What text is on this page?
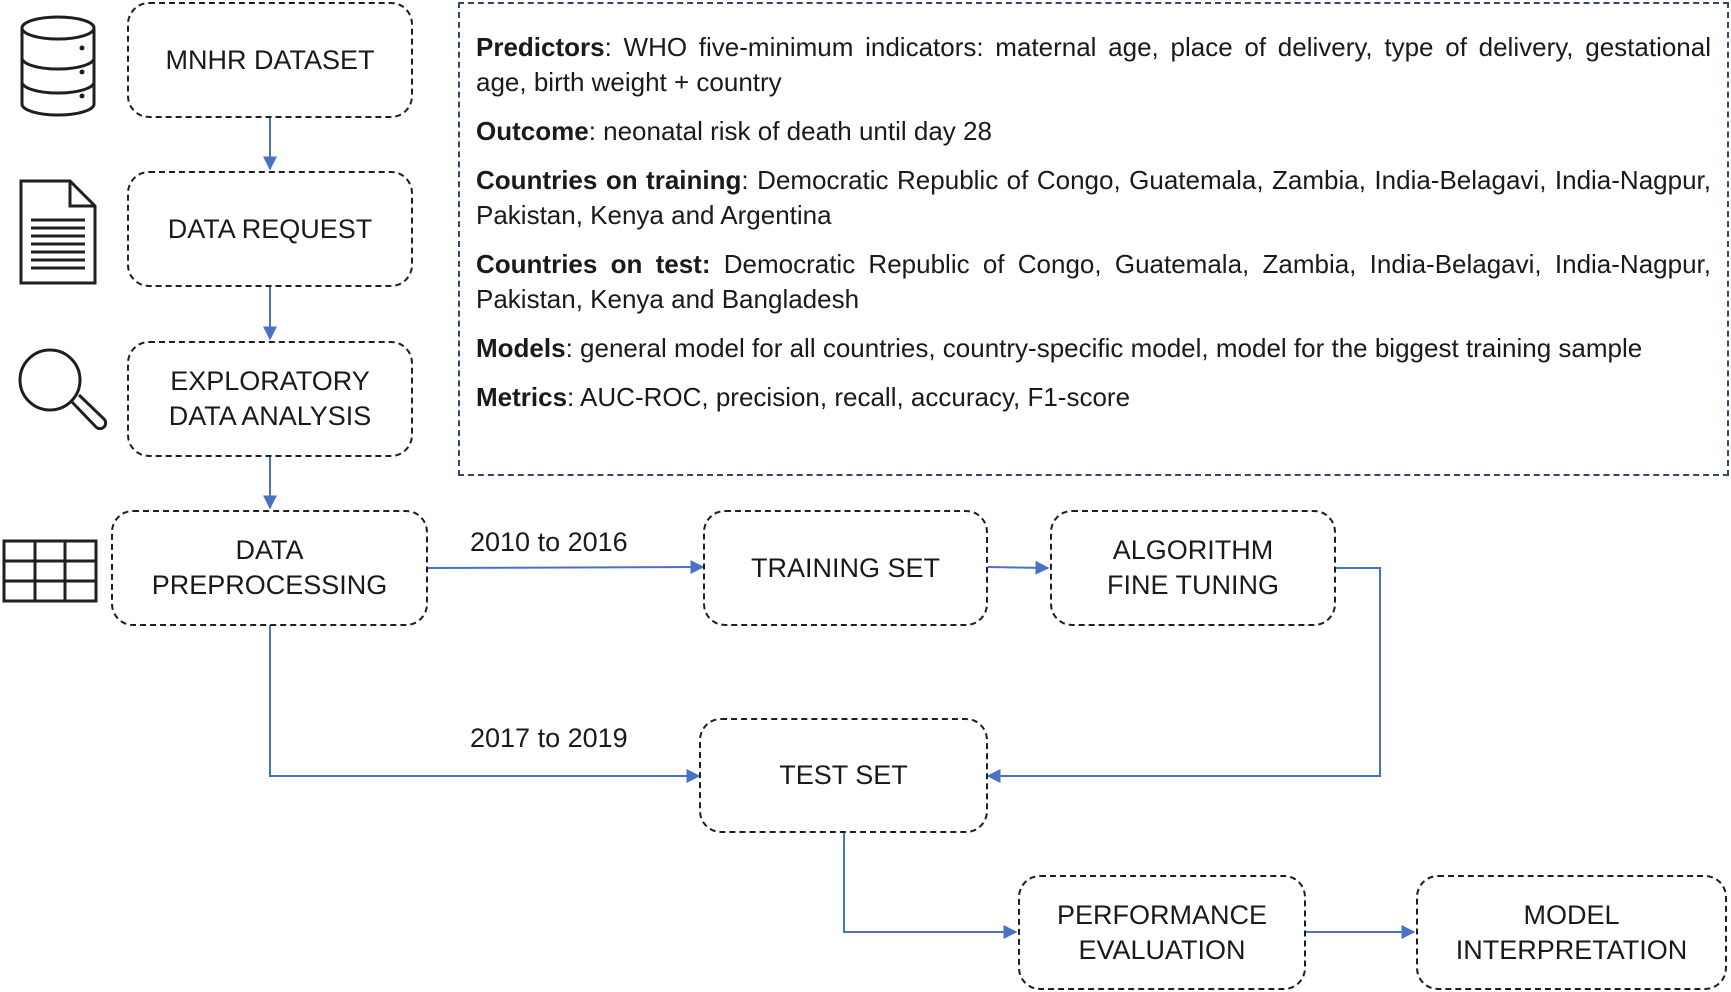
MNHR DATASET
DATA REQUEST
EXPLORATORY
DATA ANALYSIS
DATA
PREPROCESSING
TRAINING SET
ALGORITHM
FINE TUNING
TEST SET
PERFORMANCE
EVALUATION
MODEL
INTERPRETATION
2010 to 2016
2017 to 2019

Predictors: WHO five-minimum indicators: maternal age, place of delivery, type of delivery, gestational age, birth weight + country

Outcome: neonatal risk of death until day 28

Countries on training: Democratic Republic of Congo, Guatemala, Zambia, India-Belagavi, India-Nagpur, Pakistan, Kenya and Argentina

Countries on test: Democratic Republic of Congo, Guatemala, Zambia, India-Belagavi, India-Nagpur, Pakistan, Kenya and Bangladesh

Models: general model for all countries, country-specific model, model for the biggest training sample

Metrics: AUC-ROC, precision, recall, accuracy, F1-score
